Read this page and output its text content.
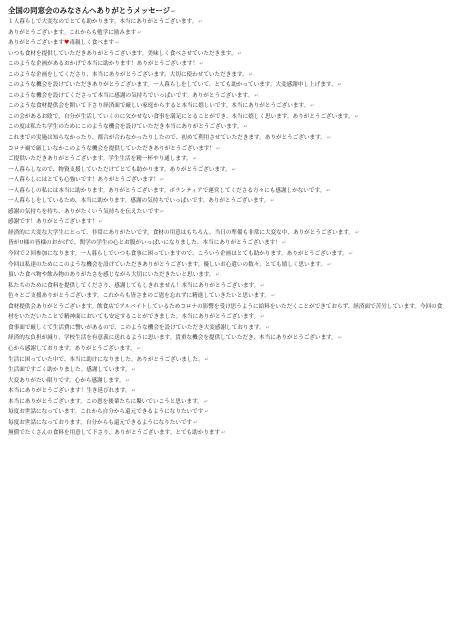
全国の同窓会のみなさんへありがとうメッセージ↵
１人暮らしで大変なのでとても助かります。本当にありがとうございます。↵
ありがとうございます。これからも勉学に励みます↵
ありがとうございます♥毒親しく食べます↵
いつも食材を提供していただきありがとうございます。美味しく食べさせていただきます。↵
このような企画があるおかげで本当に助かります！ありがとうございます！↵
このような企画をしてくださり、本当にありがとうございます。大切に使わせていただきます。↵
このような機会を設けていただきありがとうございます。一人暮らしをしていて、とても助かっています。大変感謝申し上げます。↵
このような機会を設けてくださって本当に感謝の気持ちでいっぱいです。ありがとうございます。↵
このような食材提供会を開いて下さり経済面で厳しい家庭からすると本当に嬉しいです。本当にありがとうございます。↵
この会があるお陰で、自分が生活していくのに欠かせない食事を満足にとることができ、本当に嬉しく思います。ありがとうございます。↵
この度は私たち学生のためにこのような機会を設けていただき本当にありがとうございます。↵
これまでの実施は知らなかったり、都合が合わなかったりしたので、初めて利用させていただきます。ありがとうございます。↵
コロナ禍で厳しいなかこのような機会を提供していただきありがとうございます！↵
ご提供いただきありがとうございます。学生生活を精一杯やり通します。↵
一人暮らしなので、物資支援していただけてとても助かります。ありがとうございます。↵
一人暮らしにはとても心強いです！ありがとうございます！↵
一人暮らしの私には本当に助かります。ありがとうございます。ボランティアで運営してくださる方々にも感謝しかないです。↵
一人暮らしをしているため、本当に助かります。感謝の気持ちでいっぱいです。ありがとうございます。↵
感謝の気持ちを持ち、ありがたくいう気持ちを伝えたいです↵
感謝です！ありがとうございます！↵
経済的に大変な大学生にとって、非常にありがたいです。食材の用意はもちろん、当日の準備も非常に大変な中、ありがとうございます。↵
皆が!!様の皆様のおかげで、関学の学生の心とお腹がいっぱいになりました。本当にありがとうございます！↵
今回で２回参加になります。一人暮らしでいつも食事に困っていますので、こういう企画はとても助かります。ありがとうございます。↵
今回は私達のためにこのような機会を設けていただきありがとうございます。優しいお心遣いの数々、とても嬉しく思います。↵
頂いた食べ物や飲み物のありがたさを感じながら大切にいただきたいと思います。↵
私たちのために食料を提供してくださり、感謝してもしきれません！本当にありがとうございます。↵
色々とご支援ありがとうございます。これからも皆さまのご恩を忘れずに精進していきたいと思います。↵
食材提供会ありがとうございます。飲食店でアルバイトしているためコロナの影響を受け思うように給料をいただくことができておらず、経済面で苦労しています。今回の食材をいただいたことで精神面においても安定することができました。本当にありがとうございます。↵
食事面で厳しくて生活費に響いがあるので、このような機会を設けていただき大変感謝しております。↵
経済的な負担が減り、学校生活を有意義に送れるように思います。貴重な機会を提供していただき、本当にありがとうございます。↵
心から感謝しております。ありがとうございます。↵
生活に困っていた中で、本当に助けになりました。ありがとうございました。↵
生活面ですごく助かりました。感謝しています。↵
大変ありがたい限りです。心から感謝します。↵
本当にありがとうございます！生き延びれます。↵
本当にありがとうございます。この恩を後輩たちに繋いでいこうと思います。↵
毎度お世話になっています。これから自分から還元できるようになりたいです↵
毎度お世話になっております。自分からも還元できるようになりたいです↵
無償でたくさんの食料を用意して下さり、ありがとうございます。とても助かります↵
